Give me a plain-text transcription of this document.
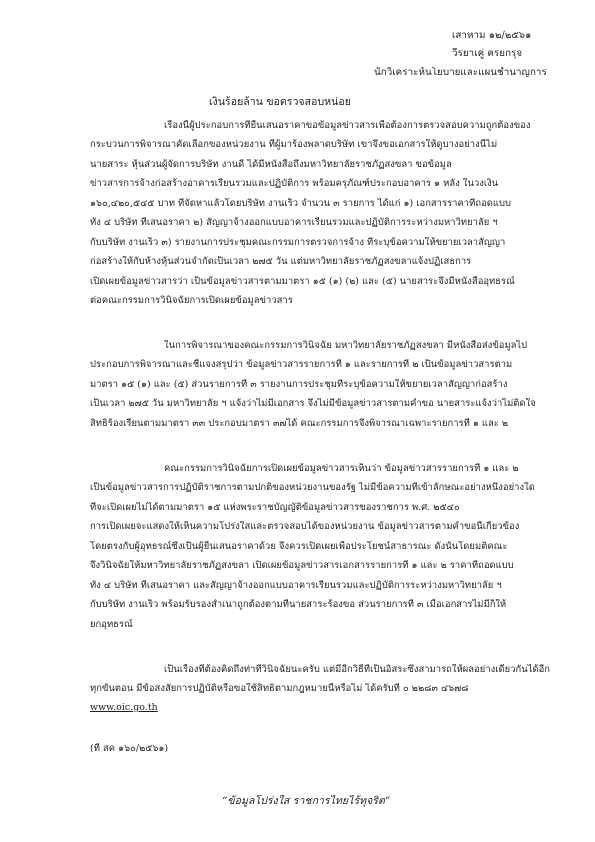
เสาหาม ๑๒/๒๕๖๑
วีรยาเคู่ ครยกรุจ
นักวิเคราะห์นโยบายและแผนชำนาญการ
เงินร้อยล้าน ขอตรวจสอบหน่อย
เรื่องนี้ผู้ประกอบการที่ยื่นเสนอราคาขอข้อมูลข่าวสารเพื่อต้องการตรวจสอบความถูกต้องของ
กระบวนการพิจารณาคัดเลือกของหน่วยงาน ที่ผู้มาร้องพลาดบริษัท เขาจึงขอเอกสารให้ดูบางอย่างนี้ไม่
นายสาระ หุ้นส่วนผู้จัดการบริษัท งานดี ได้มีหนังสือถึงมหาวิทยาลัยราชภัฏสงขลา ขอข้อมูล
ข่าวสารการจ้างก่อสร้างอาคารเรียนรวมและปฏิบัติการ พร้อมครุภัณฑ์ประกอบอาคาร ๑ หลัง ในวงเงิน
๑๖๐,๔๒๐,๕๔๕ บาท ที่จัดหาแล้วโดยบริษัท งานเร็ว จำนวน ๓ รายการ ได้แก่ ๑) เอกสารราคาที่ถอดแบบ
ทั้ง ๔ บริษัท ที่เสนอราคา ๒) สัญญาจ้างออกแบบอาคารเรียนรวมและปฏิบัติการระหว่างมหาวิทยาลัย ฯ
กับบริษัท งานเร็ว ๓) รายงานการประชุมคณะกรรมการตรวจการจ้าง ที่ระบุข้อความให้ขยายเวลาสัญญา
ก่อสร้างให้กับห้างหุ้นส่วนจำกัดเป็นเวลา ๒๗๕ วัน แต่มหาวิทยาลัยราชภัฏสงขลาแจ้งปฏิเสธการ
เปิดเผยข้อมูลข่าวสารว่า เป็นข้อมูลข่าวสารตามมาตรา ๑๕ (๑) (๒) และ (๕) นายสาระจึงมีหนังสืออุทธรณ์
ต่อคณะกรรมการวินิจฉัยการเปิดเผยข้อมูลข่าวสาร
ในการพิจารณาของคณะกรรมการวินิจฉัย มหาวิทยาลัยราชภัฏสงขลา มีหนังสือส่งข้อมูลไป
ประกอบการพิจารณาและชี้แจงสรุปว่า ข้อมูลข่าวสารรายการที่ ๑ และรายการที่ ๒ เป็นข้อมูลข่าวสารตาม
มาตรา ๑๕ (๑) และ (๕) ส่วนรายการที่ ๓ รายงานการประชุมที่ระบุข้อความให้ขยายเวลาสัญญาก่อสร้าง
เป็นเวลา ๒๗๕ วัน มหาวิทยาลัย ฯ แจ้งว่าไม่มีเอกสาร จึงไม่มีข้อมูลข่าวสารตามคำขอ นายสาระแจ้งว่าไม่ติดใจ
สิทธิร้องเรียนตามมาตรา ๓๓ ประกอบมาตรา ๓๗ได้ คณะกรรมการจึงพิจารณาเฉพาะรายการที่ ๑ และ ๒
คณะกรรมการวินิจฉัยการเปิดเผยข้อมูลข่าวสารเห็นว่า ข้อมูลข่าวสารรายการที่ ๑ และ ๒
เป็นข้อมูลข่าวสารการปฏิบัติราชการตามปกติของหน่วยงานของรัฐ ไม่มีข้อความที่เข้าลักษณะอย่างหนึ่งอย่างใด
ที่จะเปิดเผยไม่ได้ตามมาตรา ๑๕ แห่งพระราชบัญญัติข้อมูลข่าวสารของราชการ พ.ศ. ๒๕๔๐
การเปิดเผยจะแสดงให้เห็นความโปร่งใสและตรวจสอบได้ของหน่วยงาน ข้อมูลข่าวสารตามคำขอนี้เกี่ยวข้อง
โดยตรงกับผู้อุทธรณ์ซึ่งเป็นผู้ยื่นเสนอราคาด้วย จึงควรเปิดเผยเพื่อประโยชน์สาธารณะ ดังนั้นโดยมติคณะ
จึงวินิจฉัยให้มหาวิทยาลัยราชภัฏสงขลา เปิดเผยข้อมูลข่าวสารเอกสารรายการที่ ๑ และ ๒ ราคาที่ถอดแบบ
ทั้ง ๔ บริษัท ที่เสนอราคา และสัญญาจ้างออกแบบอาคารเรียนรวมและปฏิบัติการระหว่างมหาวิทยาลัย ฯ
กับบริษัท งานเร็ว พร้อมรับรองสำเนาถูกต้องตามที่นายสาระร้องขอ ส่วนรายการที่ ๓ เมื่อเอกสารไม่มีก็ให้
ยกอุทธรณ์
เป็นเรื่องที่ต้องคิดถึงท่าที่วินิจฉัยนะครับ แต่มีอีกวิธีที่เป็นอิสระซึ่งสามารถให้ผลอย่างเดียวกันได้อีก
ทุกขั้นตอน มีข้อสงสัยการปฏิบัติหรือขอใช้สิทธิตามกฎหมายนี้หรือไม่ ได้ครับที่ ๐ ๒๒๘๓ ๔๖๗๘
www.oic.go.th
(ที่ สค ๑๖๐/๒๕๖๑)
“ข้อมูลโปร่งใส ราชการไทยไร้ทุจริต”
